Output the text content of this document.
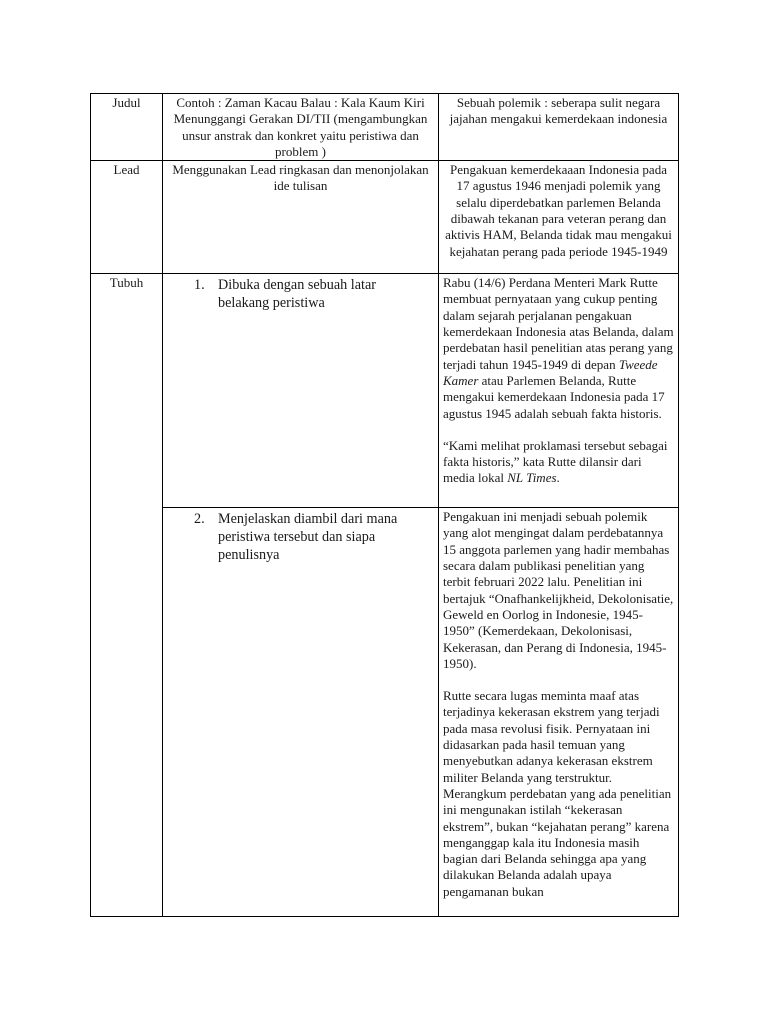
Judul	Contoh : Zaman Kacau Balau : Kala Kaum Kiri Menunggangi Gerakan DI/TII (mengambungkan unsur anstrak dan konkret yaitu peristiwa dan problem )	Sebuah polemik : seberapa sulit negara jajahan mengakui kemerdekaan indonesia
Lead	Menggunakan Lead ringkasan dan menonjolakan ide tulisan	Pengakuan kemerdekaaan Indonesia pada 17 agustus 1946 menjadi polemik yang selalu diperdebatkan parlemen Belanda dibawah tekanan para veteran perang dan aktivis HAM, Belanda tidak mau mengakui kejahatan perang pada periode 1945-1949
Tubuh	1. Dibuka dengan sebuah latar belakang peristiwa	Rabu (14/6) Perdana Menteri Mark Rutte membuat pernyataan yang cukup penting dalam sejarah perjalanan pengakuan kemerdekaan Indonesia atas Belanda, dalam perdebatan hasil penelitian atas perang yang terjadi tahun 1945-1949 di depan Tweede Kamer atau Parlemen Belanda, Rutte mengakui kemerdekaan Indonesia pada 17 agustus 1945 adalah sebuah fakta historis.

“Kami melihat proklamasi tersebut sebagai fakta historis,” kata Rutte dilansir dari media lokal NL Times.

	2. Menjelaskan diambil dari mana peristiwa tersebut dan siapa penulisnya	Pengakuan ini menjadi sebuah polemik yang alot mengingat dalam perdebatannya 15 anggota parlemen yang hadir membahas secara dalam publikasi penelitian yang terbit februari 2022 lalu. Penelitian ini bertajuk “Onafhankelijkheid, Dekolonisatie, Geweld en Oorlog in Indonesie, 1945-1950” (Kemerdekaan, Dekolonisasi, Kekerasan, dan Perang di Indonesia, 1945-1950).

Rutte secara lugas meminta maaf atas terjadinya kekerasan ekstrem yang terjadi pada masa revolusi fisik. Pernyataan ini didasarkan pada hasil temuan yang menyebutkan adanya kekerasan ekstrem militer Belanda yang terstruktur. Merangkum perdebatan yang ada penelitian ini mengunakan istilah “kekerasan ekstrem”, bukan “kejahatan perang” karena menganggap kala itu Indonesia masih bagian dari Belanda sehingga apa yang dilakukan Belanda adalah upaya pengamanan bukan
